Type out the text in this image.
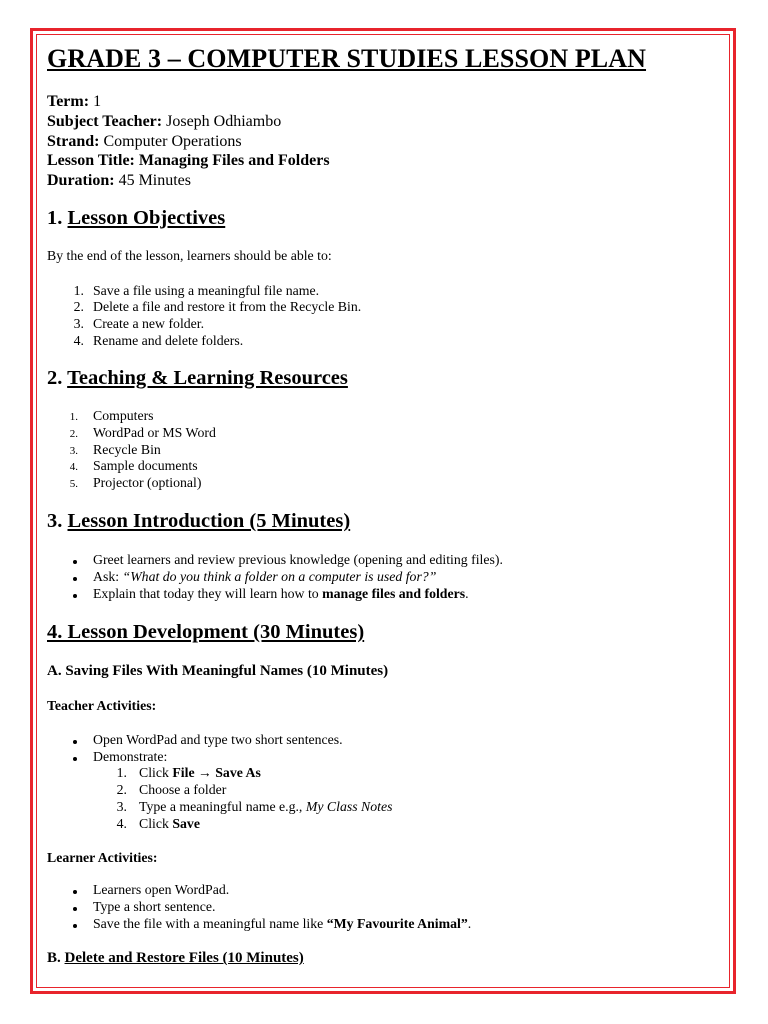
GRADE 3 – COMPUTER STUDIES LESSON PLAN
Term: 1
Subject Teacher: Joseph Odhiambo
Strand: Computer Operations
Lesson Title: Managing Files and Folders
Duration: 45 Minutes
1. Lesson Objectives
By the end of the lesson, learners should be able to:
1. Save a file using a meaningful file name.
2. Delete a file and restore it from the Recycle Bin.
3. Create a new folder.
4. Rename and delete folders.
2. Teaching & Learning Resources
1. Computers
2. WordPad or MS Word
3. Recycle Bin
4. Sample documents
5. Projector (optional)
3. Lesson Introduction (5 Minutes)
Greet learners and review previous knowledge (opening and editing files).
Ask: “What do you think a folder on a computer is used for?”
Explain that today they will learn how to manage files and folders.
4. Lesson Development (30 Minutes)
A. Saving Files With Meaningful Names (10 Minutes)
Teacher Activities:
Open WordPad and type two short sentences.
Demonstrate:
1. Click File → Save As
2. Choose a folder
3. Type a meaningful name e.g., My Class Notes
4. Click Save
Learner Activities:
Learners open WordPad.
Type a short sentence.
Save the file with a meaningful name like “My Favourite Animal”.
B. Delete and Restore Files (10 Minutes)
